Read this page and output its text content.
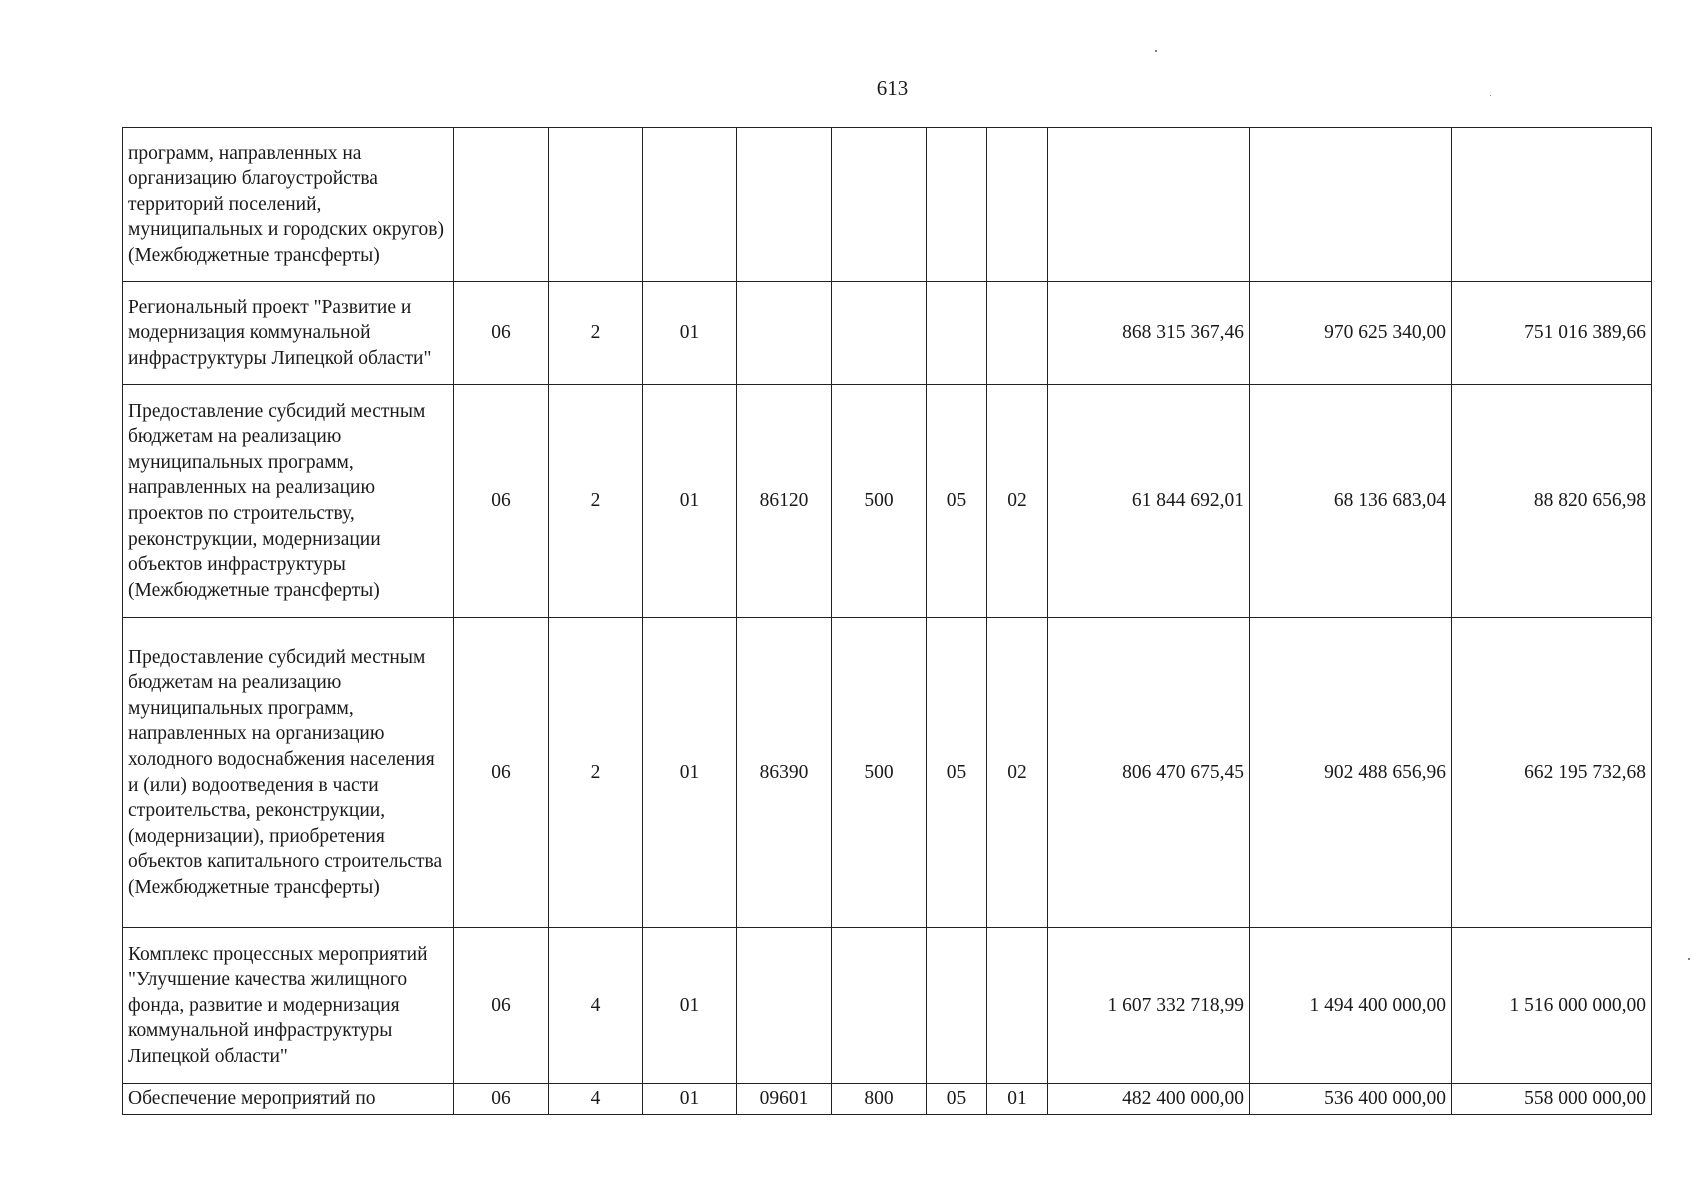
613
программ, направленных на организацию благоустройства территорий поселений, муниципальных и городских округов) (Межбюджетные трансферты)										
Региональный проект "Развитие и модернизация коммунальной инфраструктуры Липецкой области"	06	2	01					868 315 367,46	970 625 340,00	751 016 389,66
Предоставление субсидий местным бюджетам на реализацию муниципальных программ, направленных на реализацию проектов по строительству, реконструкции, модернизации объектов инфраструктуры (Межбюджетные трансферты)	06	2	01	86120	500	05	02	61 844 692,01	68 136 683,04	88 820 656,98
Предоставление субсидий местным бюджетам на реализацию муниципальных программ, направленных на организацию холодного водоснабжения населения и (или) водоотведения в части строительства, реконструкции, (модернизации), приобретения объектов капитального строительства (Межбюджетные трансферты)	06	2	01	86390	500	05	02	806 470 675,45	902 488 656,96	662 195 732,68
Комплекс процессных мероприятий "Улучшение качества жилищного фонда, развитие и модернизация коммунальной инфраструктуры Липецкой области"	06	4	01					1 607 332 718,99	1 494 400 000,00	1 516 000 000,00
Обеспечение мероприятий по	06	4	01	09601	800	05	01	482 400 000,00	536 400 000,00	558 000 000,00
